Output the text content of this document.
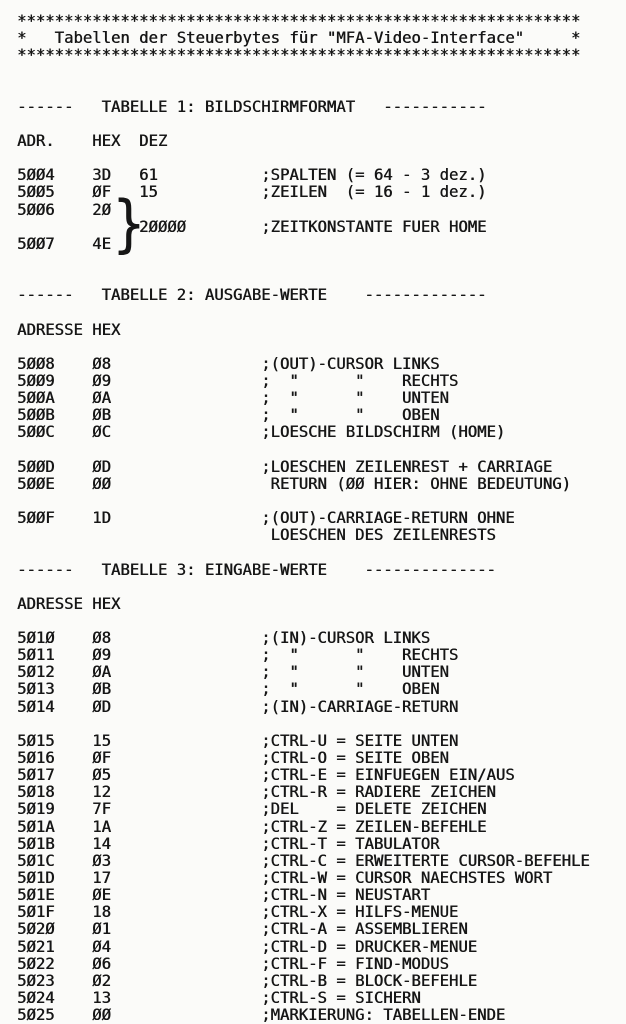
************************************************************
*   Tabellen der Steuerbytes für "MFA-Video-Interface"     *
************************************************************
------   TABELLE 1: BILDSCHIRMFORMAT   -----------
ADR.    HEX  DEZ
5ØØ4    3D   61           ;SPALTEN (= 64 - 3 dez.)
5ØØ5    ØF   15           ;ZEILEN  (= 16 - 1 dez.)
5ØØ6    2Ø
2ØØØØ        ;ZEITKONSTANTE FUER HOME
5ØØ7    4E
------   TABELLE 2: AUSGABE-WERTE    -------------
ADRESSE HEX
5ØØ8    Ø8                ;(OUT)-CURSOR LINKS
5ØØ9    Ø9                ;  "      "    RECHTS
5ØØA    ØA                ;  "      "    UNTEN
5ØØB    ØB                ;  "      "    OBEN
5ØØC    ØC                ;LOESCHE BILDSCHIRM (HOME)
5ØØD    ØD                ;LOESCHEN ZEILENREST + CARRIAGE
5ØØE    ØØ                 RETURN (ØØ HIER: OHNE BEDEUTUNG)
5ØØF    1D                ;(OUT)-CARRIAGE-RETURN OHNE
LOESCHEN DES ZEILENRESTS
------   TABELLE 3: EINGABE-WERTE    --------------
ADRESSE HEX
5Ø1Ø    Ø8                ;(IN)-CURSOR LINKS
5Ø11    Ø9                ;  "      "    RECHTS
5Ø12    ØA                ;  "      "    UNTEN
5Ø13    ØB                ;  "      "    OBEN
5Ø14    ØD                ;(IN)-CARRIAGE-RETURN
5Ø15    15                ;CTRL-U = SEITE UNTEN
5Ø16    ØF                ;CTRL-O = SEITE OBEN
5Ø17    Ø5                ;CTRL-E = EINFUEGEN EIN/AUS
5Ø18    12                ;CTRL-R = RADIERE ZEICHEN
5Ø19    7F                ;DEL    = DELETE ZEICHEN
5Ø1A    1A                ;CTRL-Z = ZEILEN-BEFEHLE
5Ø1B    14                ;CTRL-T = TABULATOR
5Ø1C    Ø3                ;CTRL-C = ERWEITERTE CURSOR-BEFEHLE
5Ø1D    17                ;CTRL-W = CURSOR NAECHSTES WORT
5Ø1E    ØE                ;CTRL-N = NEUSTART
5Ø1F    18                ;CTRL-X = HILFS-MENUE
5Ø2Ø    Ø1                ;CTRL-A = ASSEMBLIEREN
5Ø21    Ø4                ;CTRL-D = DRUCKER-MENUE
5Ø22    Ø6                ;CTRL-F = FIND-MODUS
5Ø23    Ø2                ;CTRL-B = BLOCK-BEFEHLE
5Ø24    13                ;CTRL-S = SICHERN
5Ø25    ØØ                ;MARKIERUNG: TABELLEN-ENDE
}
